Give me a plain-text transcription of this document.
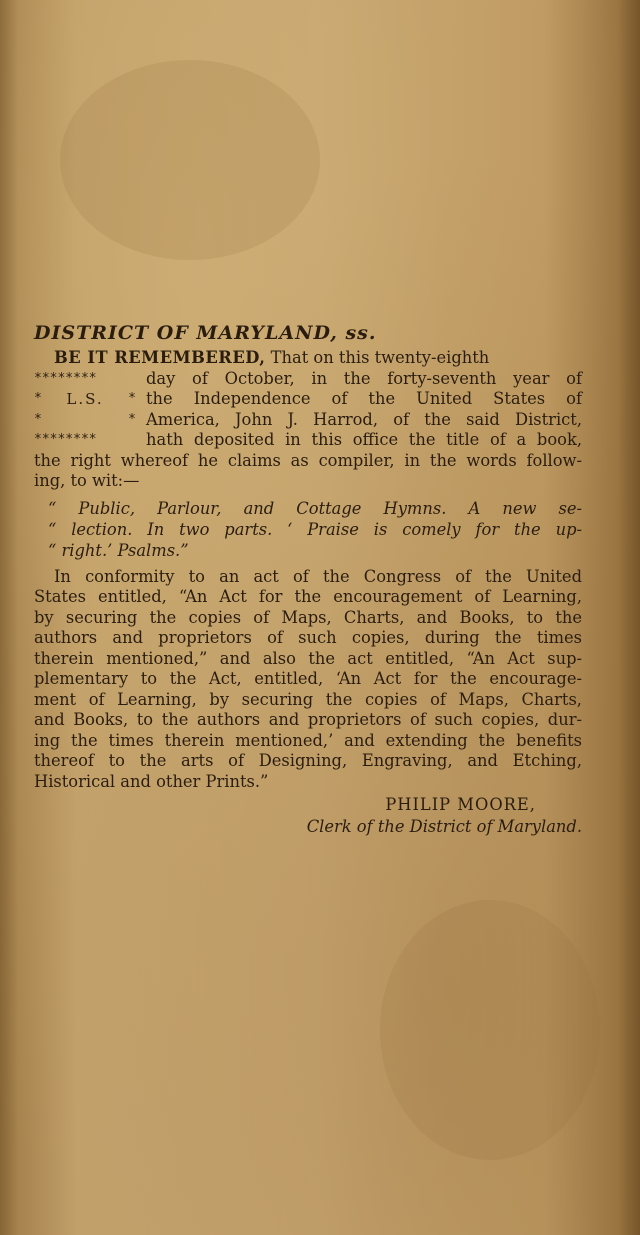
DISTRICT OF MARYLAND, ss.
BE IT REMEMBERED, That on this twenty-eighth
********
* L.S. *
*	*
********
day of October, in the forty-seventh year of
the Independence of the United States of
America, John J. Harrod, of the said District,
hath deposited in this office the title of a book,
the right whereof he claims as compiler, in the words follow-
ing, to wit:—
“ Public, Parlour, and Cottage Hymns. A new se-
“ lection. In two parts. ‘ Praise is comely for the up-
“ right.’ Psalms.”
In conformity to an act of the Congress of the United
States entitled, “An Act for the encouragement of Learning,
by securing the copies of Maps, Charts, and Books, to the
authors and proprietors of such copies, during the times
therein mentioned,” and also the act entitled, “An Act sup-
plementary to the Act, entitled, ‘An Act for the encourage-
ment of Learning, by securing the copies of Maps, Charts,
and Books, to the authors and proprietors of such copies, dur-
ing the times therein mentioned,’ and extending the benefits
thereof to the arts of Designing, Engraving, and Etching,
Historical and other Prints.”
PHILIP MOORE,
Clerk of the District of Maryland.
